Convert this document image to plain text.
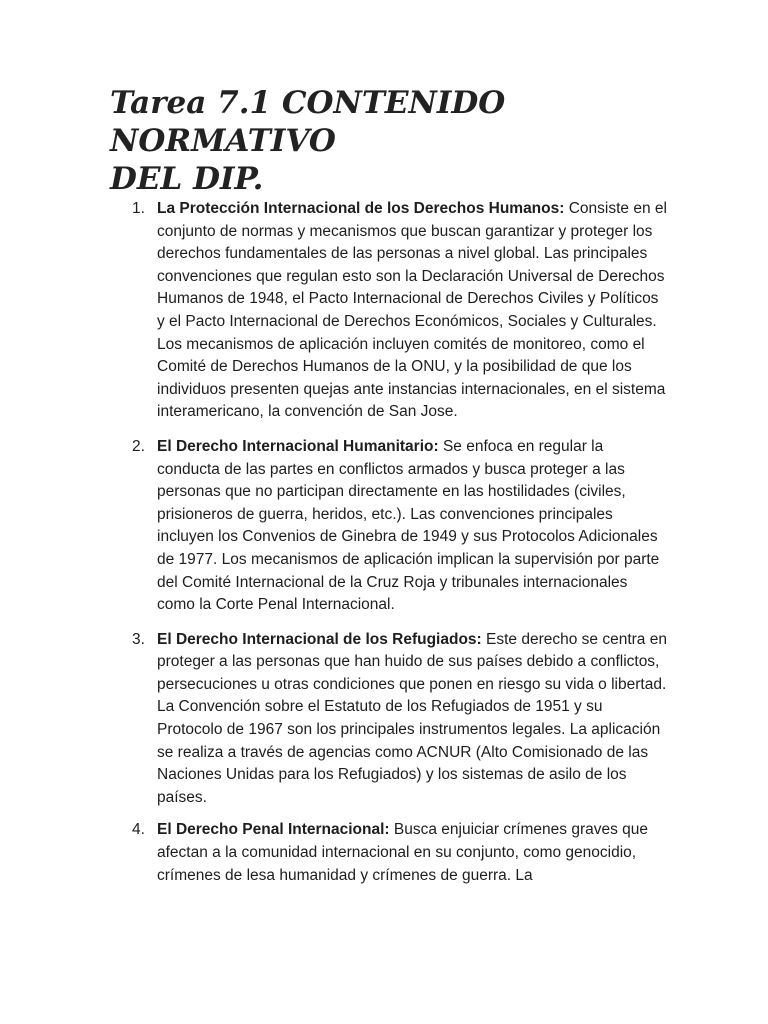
Tarea 7.1 CONTENIDO NORMATIVO
DEL DIP.
1. La Protección Internacional de los Derechos Humanos: Consiste en el conjunto de normas y mecanismos que buscan garantizar y proteger los derechos fundamentales de las personas a nivel global. Las principales convenciones que regulan esto son la Declaración Universal de Derechos Humanos de 1948, el Pacto Internacional de Derechos Civiles y Políticos y el Pacto Internacional de Derechos Económicos, Sociales y Culturales. Los mecanismos de aplicación incluyen comités de monitoreo, como el Comité de Derechos Humanos de la ONU, y la posibilidad de que los individuos presenten quejas ante instancias internacionales, en el sistema interamericano, la convención de San Jose.
2. El Derecho Internacional Humanitario: Se enfoca en regular la conducta de las partes en conflictos armados y busca proteger a las personas que no participan directamente en las hostilidades (civiles, prisioneros de guerra, heridos, etc.). Las convenciones principales incluyen los Convenios de Ginebra de 1949 y sus Protocolos Adicionales de 1977. Los mecanismos de aplicación implican la supervisión por parte del Comité Internacional de la Cruz Roja y tribunales internacionales como la Corte Penal Internacional.
3. El Derecho Internacional de los Refugiados: Este derecho se centra en proteger a las personas que han huido de sus países debido a conflictos, persecuciones u otras condiciones que ponen en riesgo su vida o libertad. La Convención sobre el Estatuto de los Refugiados de 1951 y su Protocolo de 1967 son los principales instrumentos legales. La aplicación se realiza a través de agencias como ACNUR (Alto Comisionado de las Naciones Unidas para los Refugiados) y los sistemas de asilo de los países.
4. El Derecho Penal Internacional: Busca enjuiciar crímenes graves que afectan a la comunidad internacional en su conjunto, como genocidio, crímenes de lesa humanidad y crímenes de guerra. La
